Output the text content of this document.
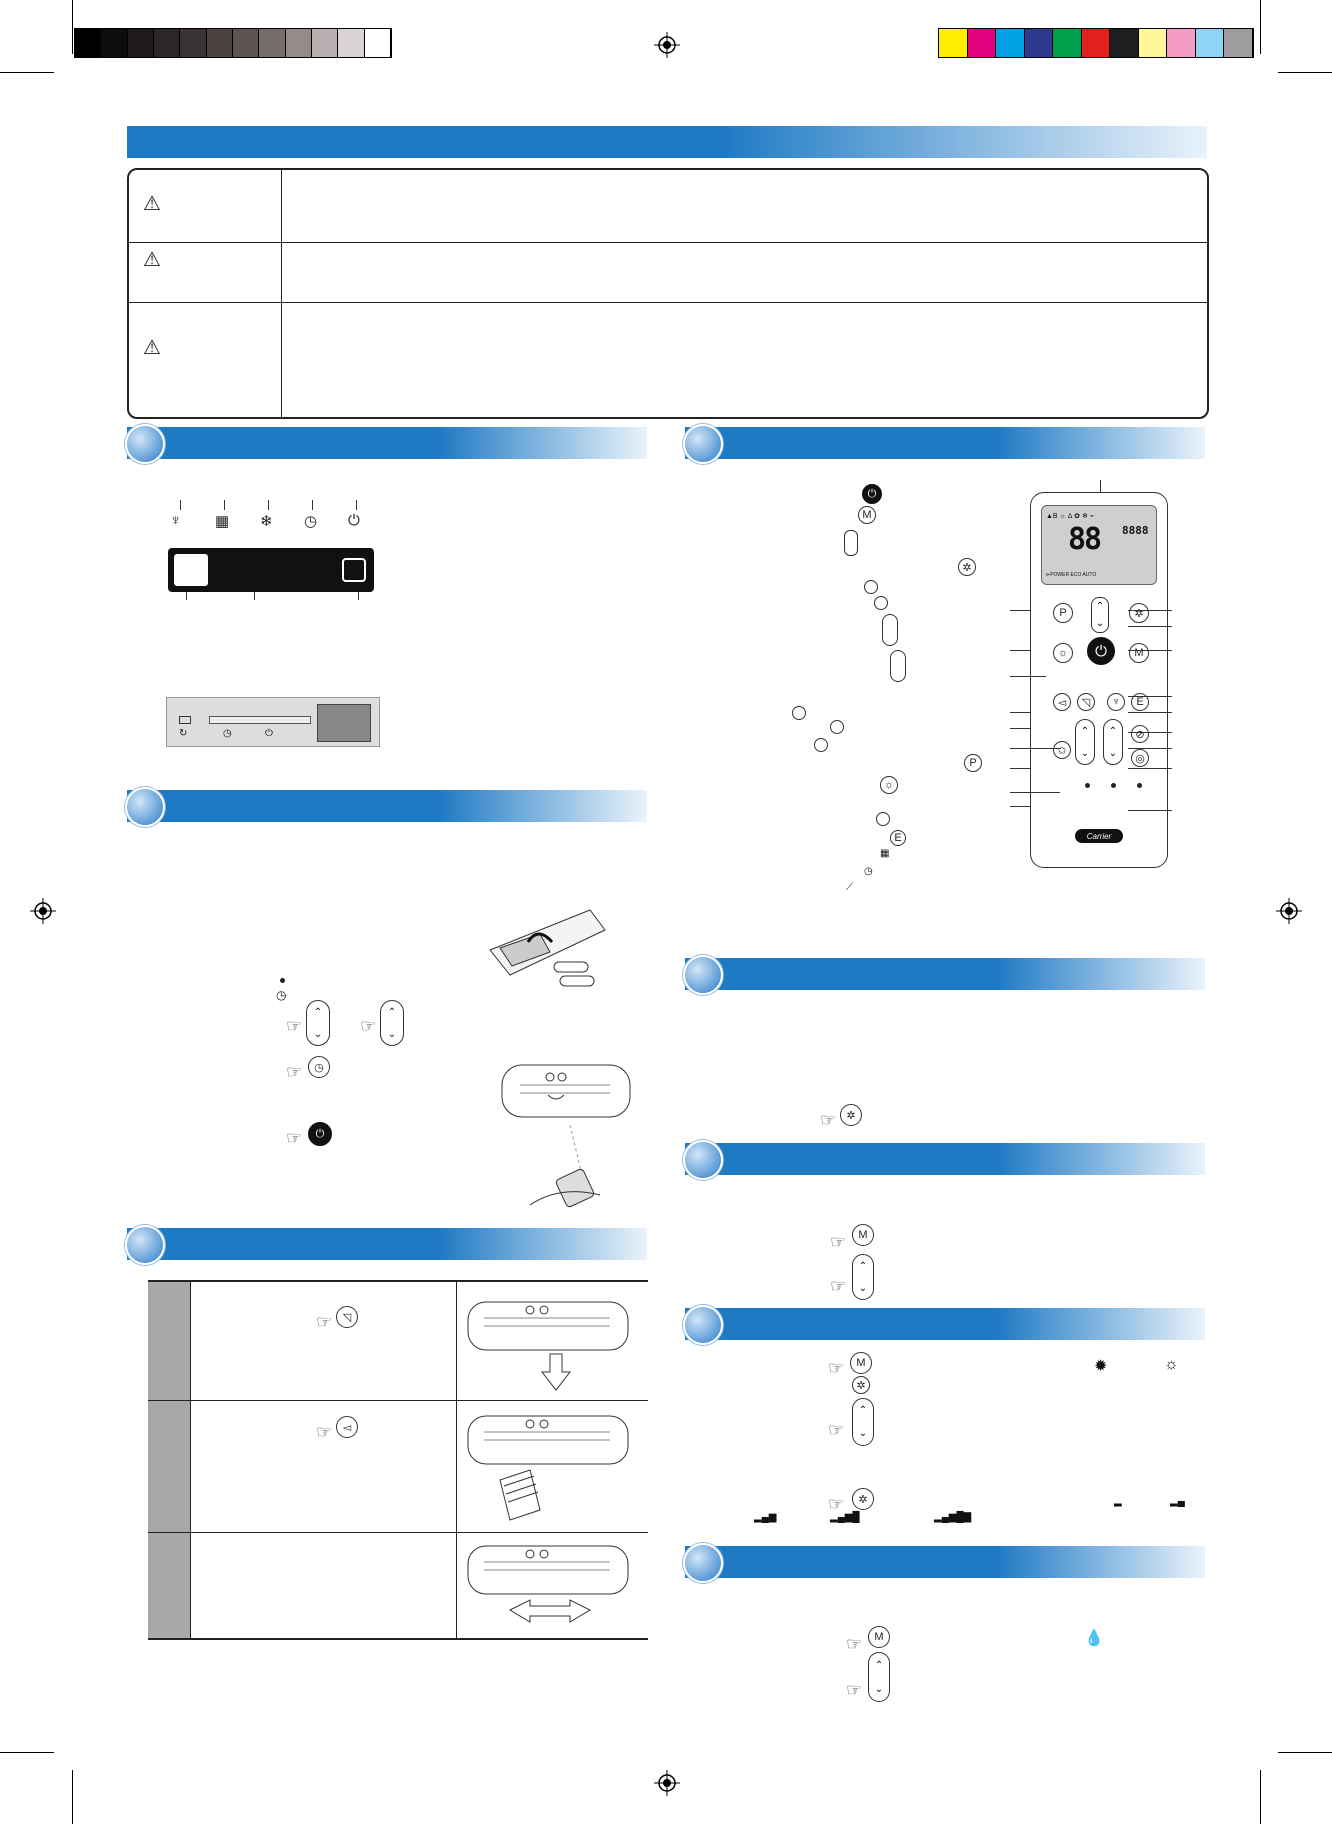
⚠
⚠
⚠
♆ ▦ ❄ ◷ ⏻
↻	◷	⏻
◷
☞
⌃
⌄ ☞
⌃
⌄
☞	◷
☞	⏻
☞ ◹
☞ ◅
⏻
M
✲
P
☼
E
▦
◷
⟋
▲B ☼ ∆ ✿ ❄ ⌁
88 8888
⊳POWER ECO AUTO
P
⌃
⌄
✲
☼	⏻	M
◅	◹	♆	E
⌃
⌄
⌃
⌄
✩
⊘
◎
Carrier
☞ ✲
☞	M
☞
⌃
⌄
☞	M
✲
✹	☼
☞
⌃
⌄
☞	✲	▂	▂▄
▂▄▆	▂▄▆█	▂▄▆█▇
☞	M	💧
☞
⌃
⌄
